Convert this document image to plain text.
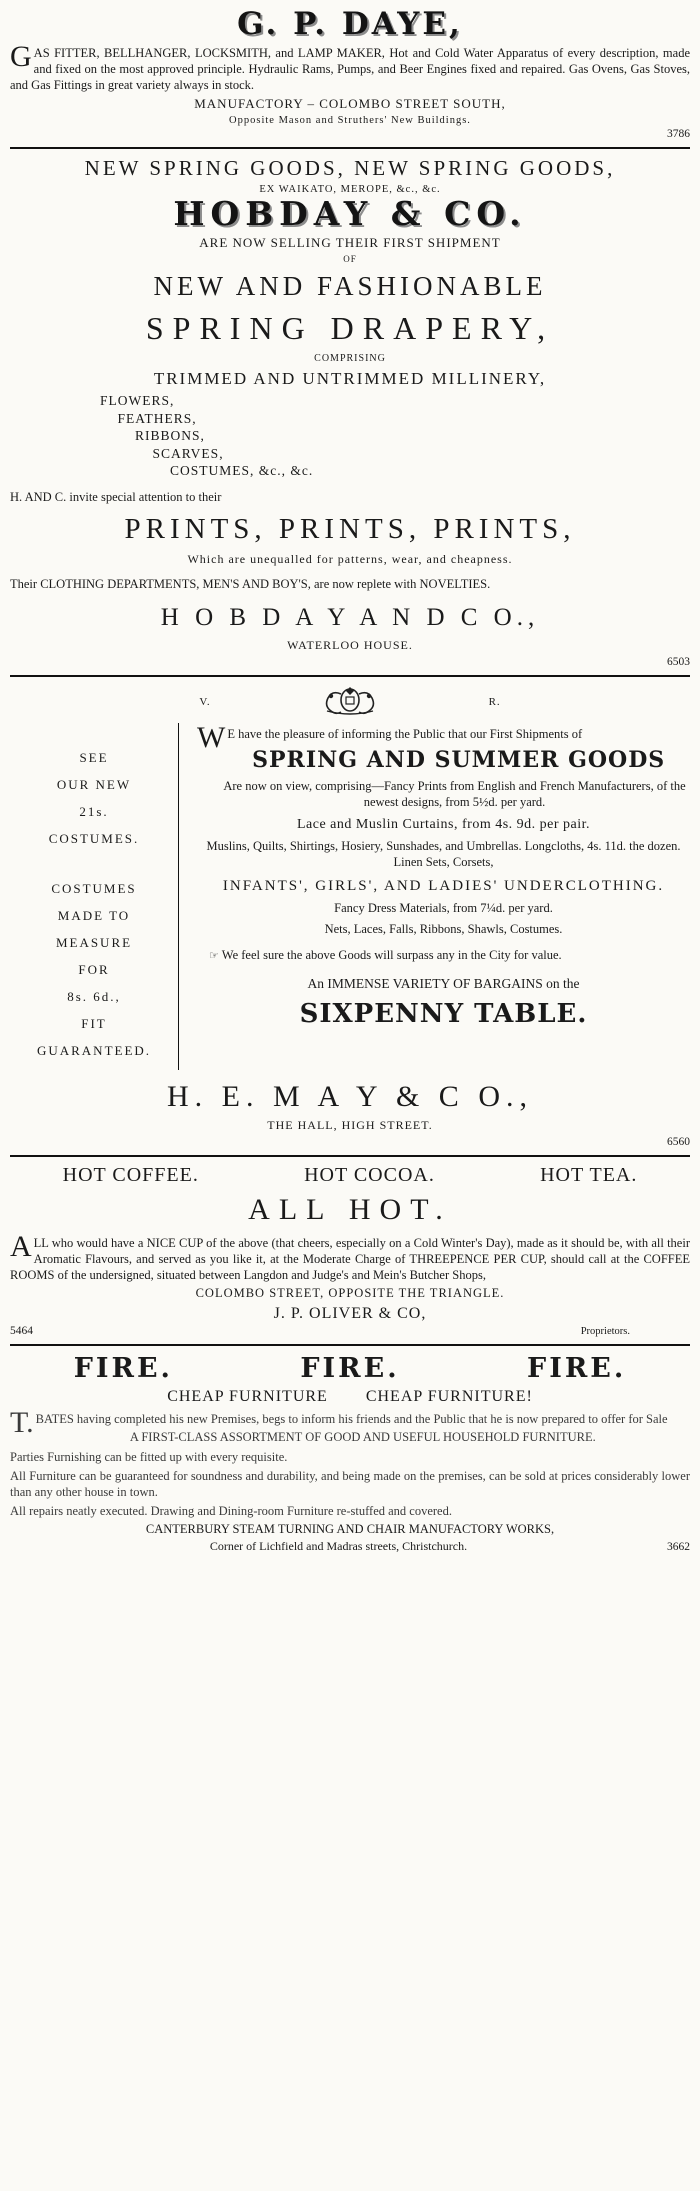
G. P. DAYE,

GAS FITTER, BELLHANGER, LOCKSMITH, and LAMP MAKER, Hot and Cold Water Apparatus of every description, made and fixed on the most approved principle. Hydraulic Rams, Pumps, and Beer Engines fixed and repaired. Gas Ovens, Gas Stoves, and Gas Fittings in great variety always in stock.

MANUFACTORY – COLOMBO STREET SOUTH,
Opposite Mason and Struthers' New Buildings.
3786
NEW SPRING GOODS, NEW SPRING GOODS,
EX WAIKATO, MEROPE, &c., &c.
HOBDAY & CO.
ARE NOW SELLING THEIR FIRST SHIPMENT
OF
NEW AND FASHIONABLE
SPRING DRAPERY,
COMPRISING
TRIMMED AND UNTRIMMED MILLINERY,
FLOWERS,
FEATHERS,
RIBBONS,
SCARVES,
COSTUMES, &c., &c.

H. AND C. invite special attention to their

PRINTS, PRINTS, PRINTS,
Which are unequalled for patterns, wear, and cheapness.

Their CLOTHING DEPARTMENTS, MEN'S AND BOY'S, are now replete with NOVELTIES.

H O B D A Y A N D C O.,
WATERLOO HOUSE.
6503
V.	R.
SEE
OUR NEW
21s.
COSTUMES.
COSTUMES
MADE TO
MEASURE
FOR
8s. 6d.,
FIT
GUARANTEED.

WE have the pleasure of informing the Public that our First Shipments of

SPRING AND SUMMER GOODS

Are now on view, comprising—Fancy Prints from English and French Manufacturers, of the newest designs, from 5½d. per yard.

Lace and Muslin Curtains, from 4s. 9d. per pair.

Muslins, Quilts, Shirtings, Hosiery, Sunshades, and Umbrellas. Longcloths, 4s. 11d. the dozen. Linen Sets, Corsets,

INFANTS', GIRLS', AND LADIES' UNDERCLOTHING.
Fancy Dress Materials, from 7¼d. per yard.
Nets, Laces, Falls, Ribbons, Shawls, Costumes.

☞ We feel sure the above Goods will surpass any in the City for value.

An IMMENSE VARIETY OF BARGAINS on the
SIXPENNY TABLE.
H. E. M A Y & C O.,
THE HALL, HIGH STREET.
6560
HOT COFFEE.	HOT COCOA.	HOT TEA.
ALL HOT.

ALL who would have a NICE CUP of the above (that cheers, especially on a Cold Winter's Day), made as it should be, with all their Aromatic Flavours, and served as you like it, at the Moderate Charge of THREEPENCE PER CUP, should call at the COFFEE ROOMS of the undersigned, situated between Langdon and Judge's and Mein's Butcher Shops,

COLOMBO STREET, OPPOSITE THE TRIANGLE.
J. P. OLIVER & CO,
5464	Proprietors.
FIRE.	FIRE.	FIRE.
CHEAP FURNITURE CHEAP FURNITURE!

T.BATES having completed his new Premises, begs to inform his friends and the Public that he is now prepared to offer for Sale

A FIRST-CLASS ASSORTMENT OF GOOD AND USEFUL HOUSEHOLD FURNITURE.

Parties Furnishing can be fitted up with every requisite.

All Furniture can be guaranteed for soundness and durability, and being made on the premises, can be sold at prices considerably lower than any other house in town.

All repairs neatly executed. Drawing and Dining-room Furniture re-stuffed and covered.

CANTERBURY STEAM TURNING AND CHAIR MANUFACTORY WORKS,
Corner of Lichfield and Madras streets, Christchurch.	3662
